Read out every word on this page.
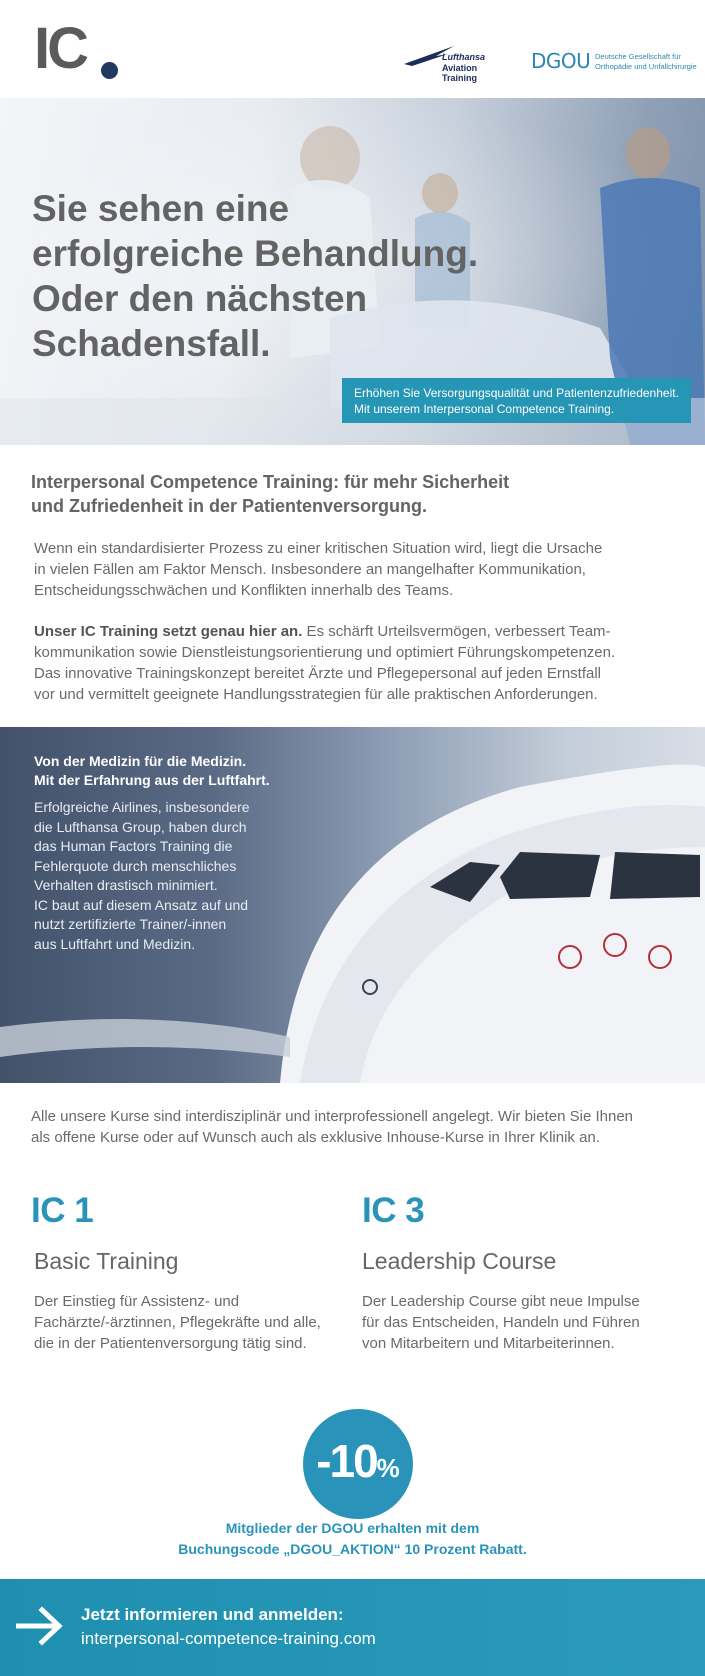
IC	Lufthansa
Aviation Training
DGOU Deutsche Gesellschaft für
Orthopädie und Unfallchirurgie
Sie sehen eine
erfolgreiche Behandlung.
Oder den nächsten
Schadensfall.
Erhöhen Sie Versorgungsqualität und Patientenzufriedenheit.
Mit unserem Interpersonal Competence Training.
Interpersonal Competence Training: für mehr Sicherheit
und Zufriedenheit in der Patientenversorgung.
Wenn ein standardisierter Prozess zu einer kritischen Situation wird, liegt die Ursache
in vielen Fällen am Faktor Mensch. Insbesondere an mangelhafter Kommunikation,
Entscheidungsschwächen und Konflikten innerhalb des Teams.
Unser IC Training setzt genau hier an. Es schärft Urteilsvermögen, verbessert Team-
kommunikation sowie Dienstleistungsorientierung und optimiert Führungskompetenzen.
Das innovative Trainingskonzept bereitet Ärzte und Pflegepersonal auf jeden Ernstfall
vor und vermittelt geeignete Handlungsstrategien für alle praktischen Anforderungen.
Von der Medizin für die Medizin.
Mit der Erfahrung aus der Luftfahrt.
Erfolgreiche Airlines, insbesondere
die Lufthansa Group, haben durch
das Human Factors Training die
Fehlerquote durch menschliches
Verhalten drastisch minimiert.
IC baut auf diesem Ansatz auf und
nutzt zertifizierte Trainer/-innen
aus Luftfahrt und Medizin.
Alle unsere Kurse sind interdisziplinär und interprofessionell angelegt. Wir bieten Sie Ihnen
als offene Kurse oder auf Wunsch auch als exklusive Inhouse-Kurse in Ihrer Klinik an.
IC 1
Basic Training
Der Einstieg für Assistenz- und
Fachärzte/-ärztinnen, Pflegekräfte und alle,
die in der Patientenversorgung tätig sind.
IC 3
Leadership Course
Der Leadership Course gibt neue Impulse
für das Entscheiden, Handeln und Führen
von Mitarbeitern und Mitarbeiterinnen.
-10%
Mitglieder der DGOU erhalten mit dem
Buchungscode „DGOU_AKTION“ 10 Prozent Rabatt.
Jetzt informieren und anmelden:
interpersonal-competence-training.com
